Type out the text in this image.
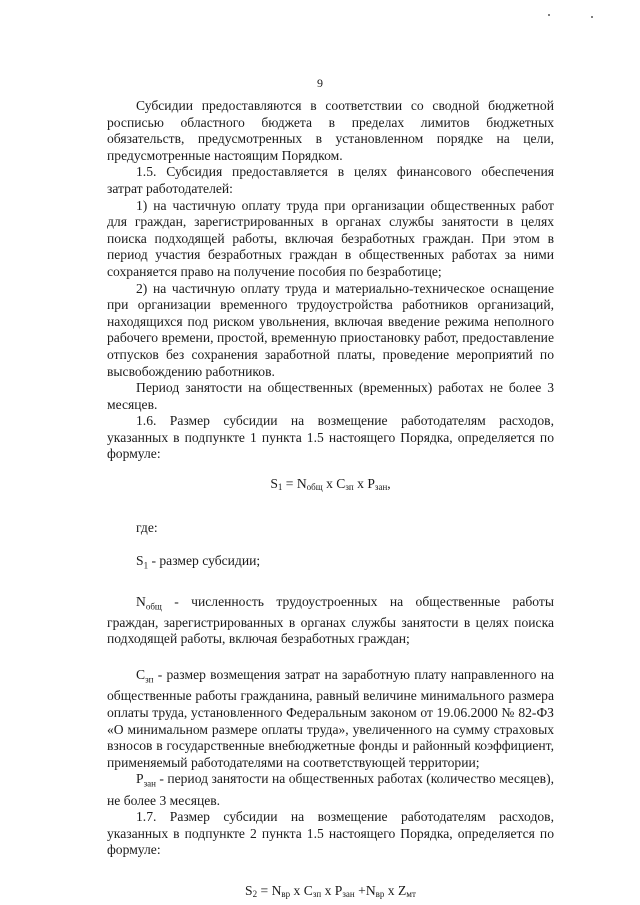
9

Субсидии предоставляются в соответствии со сводной бюджетной росписью областного бюджета в пределах лимитов бюджетных обязательств, предусмотренных в установленном порядке на цели, предусмотренные настоящим Порядком.

1.5. Субсидия предоставляется в целях финансового обеспечения затрат работодателей:

1) на частичную оплату труда при организации общественных работ для граждан, зарегистрированных в органах службы занятости в целях поиска подходящей работы, включая безработных граждан. При этом в период участия безработных граждан в общественных работах за ними сохраняется право на получение пособия по безработице;

2) на частичную оплату труда и материально-техническое оснащение при организации временного трудоустройства работников организаций, находящихся под риском увольнения, включая введение режима неполного рабочего времени, простой, временную приостановку работ, предоставление отпусков без сохранения заработной платы, проведение мероприятий по высвобождению работников.

Период занятости на общественных (временных) работах не более 3 месяцев.

1.6. Размер субсидии на возмещение работодателям расходов, указанных в подпункте 1 пункта 1.5 настоящего Порядка, определяется по формуле:

$S_1 = N_{общ}$ x $C_{зп}$ x $P_{зан}$,

где:

$S_1$ - размер субсидии;

$N_{общ}$ - численность трудоустроенных на общественные работы граждан, зарегистрированных в органах службы занятости в целях поиска подходящей работы, включая безработных граждан;

$C_{зп}$ - размер возмещения затрат на заработную плату направленного на общественные работы гражданина, равный величине минимального размера оплаты труда, установленного Федеральным законом от 19.06.2000 № 82-ФЗ «О минимальном размере оплаты труда», увеличенного на сумму страховых взносов в государственные внебюджетные фонды и районный коэффициент, применяемый работодателями на соответствующей территории;

$P_{зан}$ - период занятости на общественных работах (количество месяцев), не более 3 месяцев.

1.7. Размер субсидии на возмещение работодателям расходов, указанных в подпункте 2 пункта 1.5 настоящего Порядка, определяется по формуле:

$S_2 = N_{вр}$ x $C_{зп}$ x $P_{зан} +N_{вр}$ x $Z_{мт}$
